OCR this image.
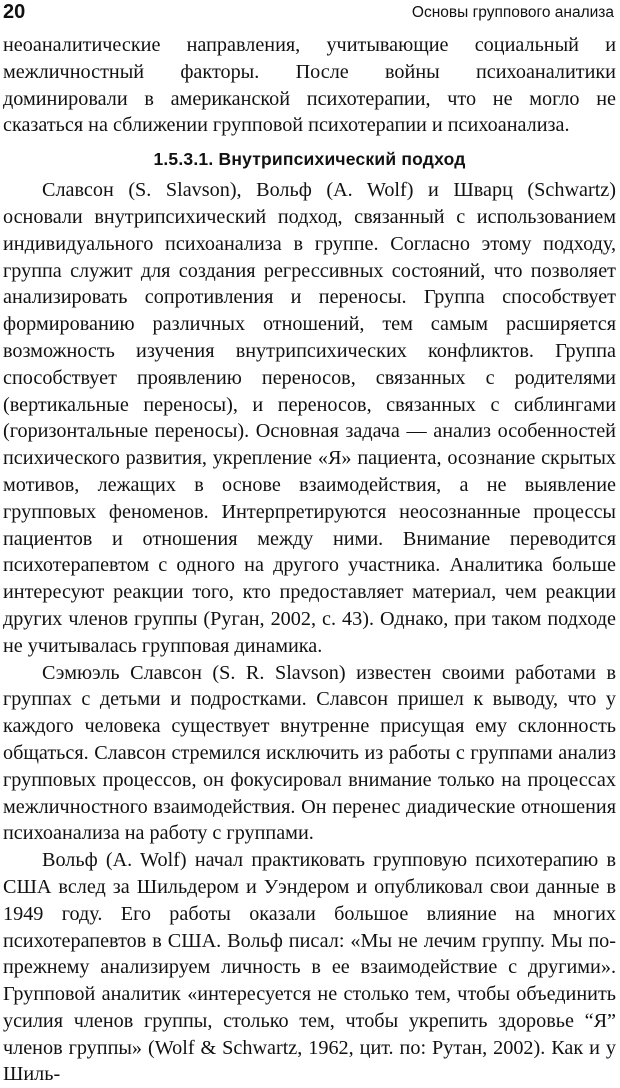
20	Основы группового анализа

неоаналитические направления, учитывающие социальный и межличностный факторы. После войны психоаналитики доминировали в американской психотерапии, что не могло не сказаться на сближении групповой психотерапии и психоанализа.

1.5.3.1. Внутрипсихический подход

Славсон (S. Slavson), Вольф (A. Wolf) и Шварц (Schwartz) основали внутрипсихический подход, связанный с использованием индивидуального психоанализа в группе. Согласно этому подходу, группа служит для создания регрессивных состояний, что позволяет анализировать сопротивления и переносы. Группа способствует формированию различных отношений, тем самым расширяется возможность изучения внутрипсихических конфликтов. Группа способствует проявлению переносов, связанных с родителями (вертикальные переносы), и переносов, связанных с сиблингами (горизонтальные переносы). Основная задача — анализ особенностей психического развития, укрепление «Я» пациента, осознание скрытых мотивов, лежащих в основе взаимодействия, а не выявление групповых феноменов. Интерпретируются неосознанные процессы пациентов и отношения между ними. Внимание переводится психотерапевтом с одного на другого участника. Аналитика больше интересуют реакции того, кто предоставляет материал, чем реакции других членов группы (Руган, 2002, с. 43). Однако, при таком подходе не учитывалась групповая динамика.

Сэмюэль Славсон (S. R. Slavson) известен своими работами в группах с детьми и подростками. Славсон пришел к выводу, что у каждого человека существует внутренне присущая ему склонность общаться. Славсон стремился исключить из работы с группами анализ групповых процессов, он фокусировал внимание только на процессах межличностного взаимодействия. Он перенес диадические отношения психоанализа на работу с группами.

Вольф (A. Wolf) начал практиковать групповую психотерапию в США вслед за Шильдером и Уэндером и опубликовал свои данные в 1949 году. Его работы оказали большое влияние на многих психотерапевтов в США. Вольф писал: «Мы не лечим группу. Мы по-прежнему анализируем личность в ее взаимодействие с другими». Групповой аналитик «интересуется не столько тем, чтобы объединить усилия членов группы, столько тем, чтобы укрепить здоровье “Я” членов группы» (Wolf & Schwartz, 1962, цит. по: Рутан, 2002). Как и у Шиль-
